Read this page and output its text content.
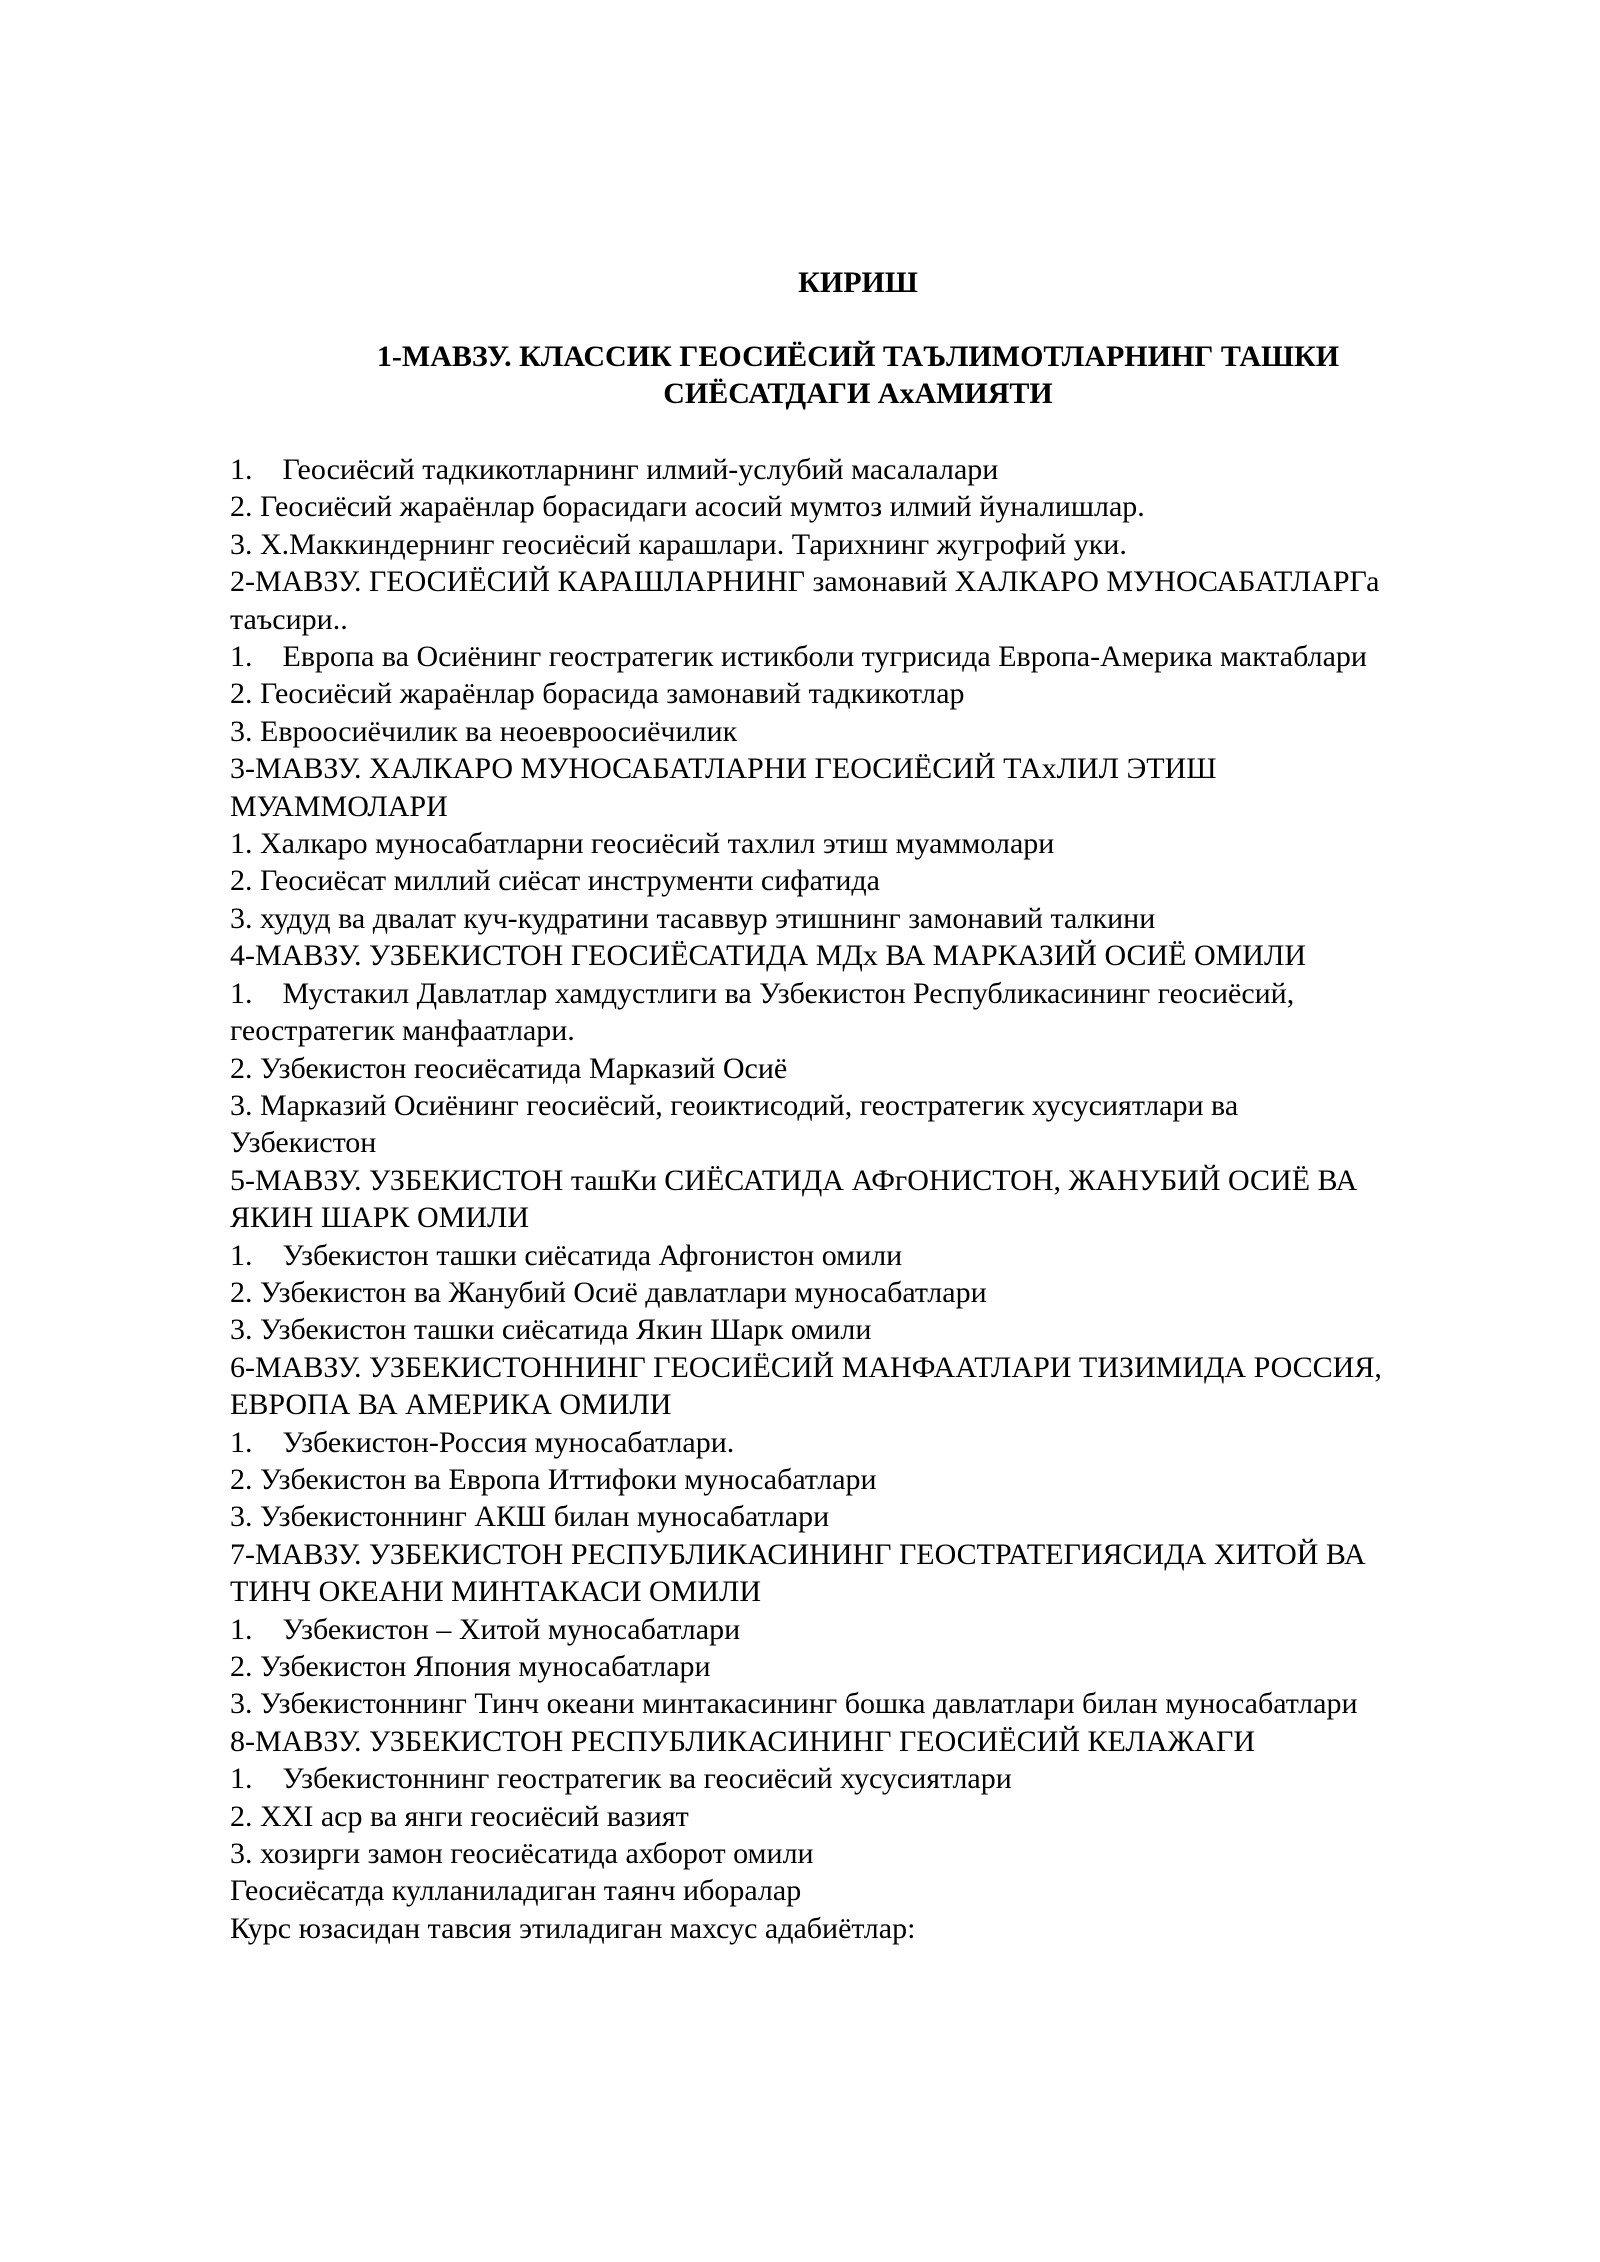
КИРИШ
1-МАВЗУ. КЛАССИК ГЕОСИЁСИЙ ТАЪЛИМОТЛАРНИНГ ТАШКИ
СИЁСАТДАГИ АхАМИЯТИ
1. Геосиёсий тадкикотларнинг илмий-услубий масалалари
2. Геосиёсий жараёнлар борасидаги асосий мумтоз илмий йуналишлар.
3. Х.Маккиндернинг геосиёсий карашлари. Тарихнинг жугрофий уки.
2-МАВЗУ. ГЕОСИЁСИЙ КАРАШЛАРНИНГ замонавий ХАЛКАРО МУНОСАБАТЛАРГа
таъсири..
1. Европа ва Осиёнинг геостратегик истикболи тугрисида Европа-Америка мактаблари
2. Геосиёсий жараёнлар борасида замонавий тадкикотлар
3. Евроосиёчилик ва неоевроосиёчилик
3-МАВЗУ. ХАЛКАРО МУНОСАБАТЛАРНИ ГЕОСИЁСИЙ ТАхЛИЛ ЭТИШ
МУАММОЛАРИ
1. Халкаро муносабатларни геосиёсий тахлил этиш муаммолари
2. Геосиёсат миллий сиёсат инструменти сифатида
3. худуд ва двалат куч-кудратини тасаввур этишнинг замонавий талкини
4-МАВЗУ. УЗБЕКИСТОН ГЕОСИЁСАТИДА МДх ВА МАРКАЗИЙ ОСИЁ ОМИЛИ
1. Мустакил Давлатлар хамдустлиги ва Узбекистон Республикасининг геосиёсий,
геостратегик манфаатлари.
2. Узбекистон геосиёсатида Марказий Осиё
3. Марказий Осиёнинг геосиёсий, геоиктисодий, геостратегик хусусиятлари ва
Узбекистон
5-МАВЗУ. УЗБЕКИСТОН ташКи СИЁСАТИДА АФгОНИСТОН, ЖАНУБИЙ ОСИЁ ВА
ЯКИН ШАРК ОМИЛИ
1. Узбекистон ташки сиёсатида Афгонистон омили
2. Узбекистон ва Жанубий Осиё давлатлари муносабатлари
3. Узбекистон ташки сиёсатида Якин Шарк омили
6-МАВЗУ. УЗБЕКИСТОННИНГ ГЕОСИЁСИЙ МАНФААТЛАРИ ТИЗИМИДА РОССИЯ,
ЕВРОПА ВА АМЕРИКА ОМИЛИ
1. Узбекистон-Россия муносабатлари.
2. Узбекистон ва Европа Иттифоки муносабатлари
3. Узбекистоннинг АКШ билан муносабатлари
7-МАВЗУ. УЗБЕКИСТОН РЕСПУБЛИКАСИНИНГ ГЕОСТРАТЕГИЯСИДА ХИТОЙ ВА
ТИНЧ ОКЕАНИ МИНТАКАСИ ОМИЛИ
1. Узбекистон – Хитой муносабатлари
2. Узбекистон Япония муносабатлари
3. Узбекистоннинг Тинч океани минтакасининг бошка давлатлари билан муносабатлари
8-МАВЗУ. УЗБЕКИСТОН РЕСПУБЛИКАСИНИНГ ГЕОСИЁСИЙ КЕЛАЖАГИ
1. Узбекистоннинг геостратегик ва геосиёсий хусусиятлари
2. XXI аср ва янги геосиёсий вазият
3. хозирги замон геосиёсатида ахборот омили
Геосиёсатда кулланиладиган таянч иборалар
Курс юзасидан тавсия этиладиган махсус адабиётлар:
